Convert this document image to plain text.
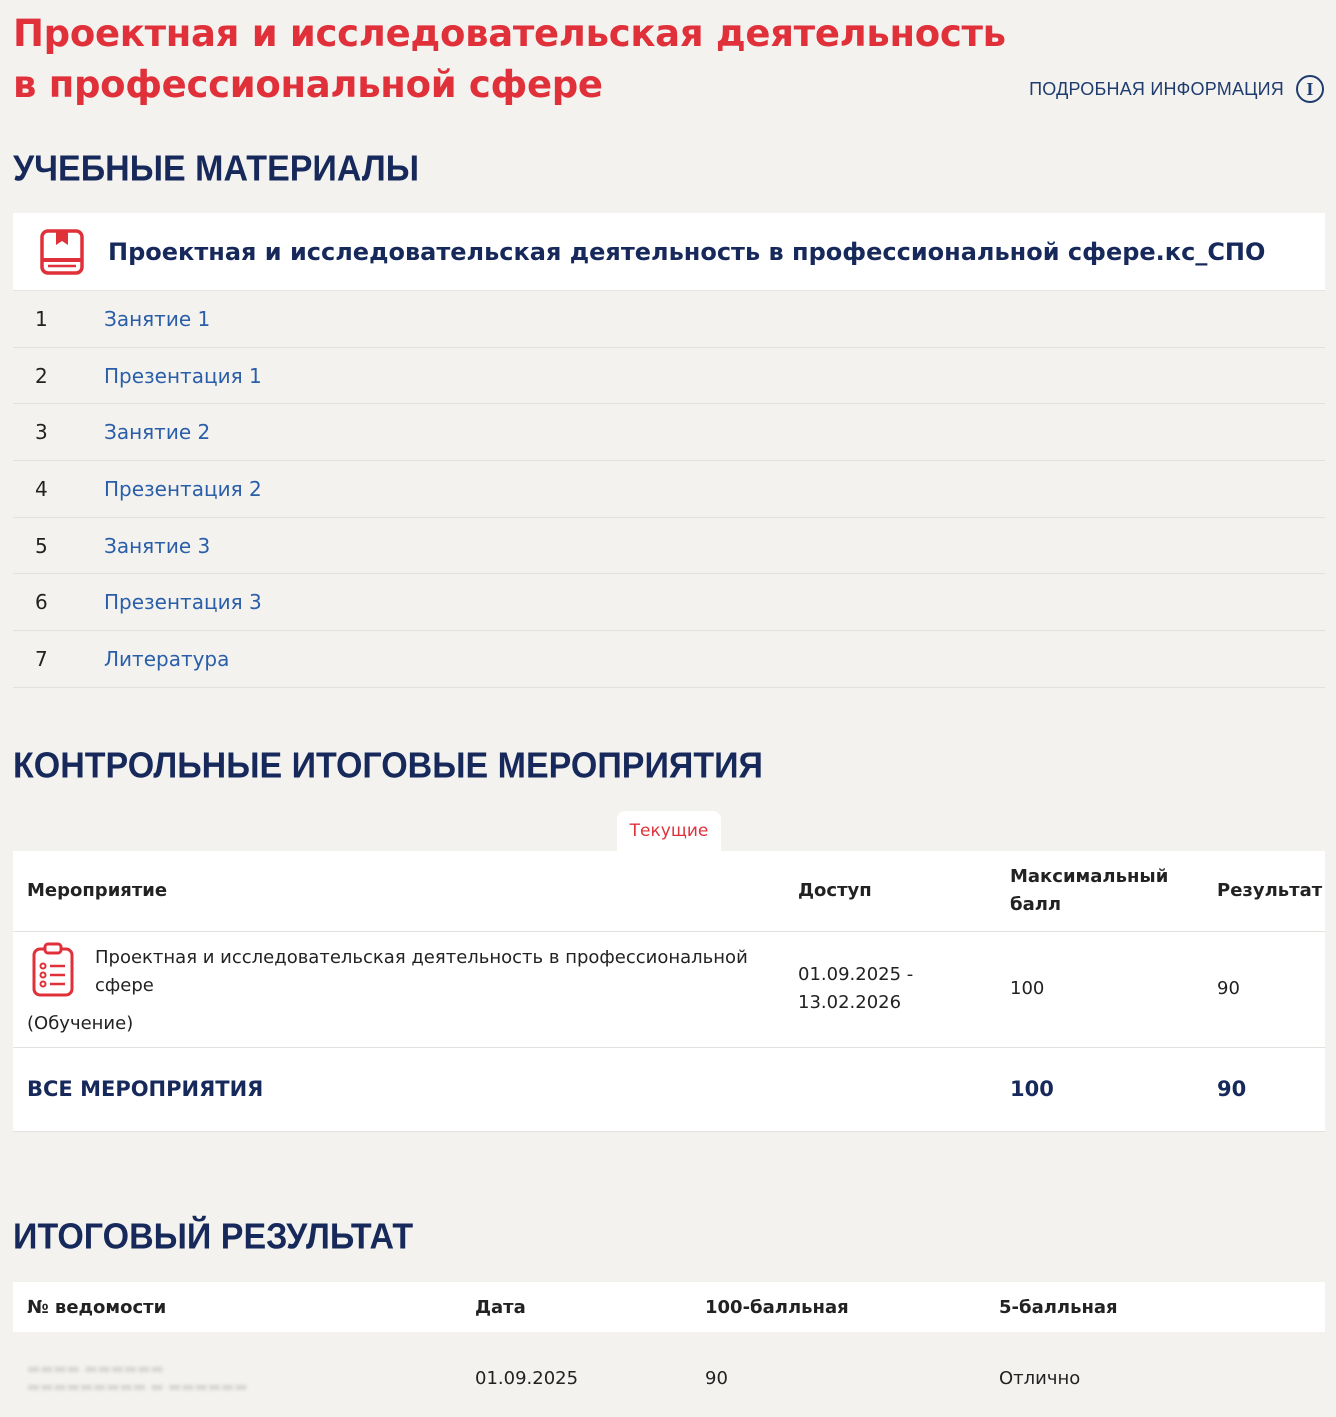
Проектная и исследовательская деятельность в профессиональной сфере	ПОДРОБНАЯ ИНФОРМАЦИЯ	I
УЧЕБНЫЕ МАТЕРИАЛЫ
Проектная и исследовательская деятельность в профессиональной сфере.кс_СПО
1	Занятие 1
2	Презентация 1
3	Занятие 2
4	Презентация 2
5	Занятие 3
6	Презентация 3
7	Литература
КОНТРОЛЬНЫЕ ИТОГОВЫЕ МЕРОПРИЯТИЯ
Текущие
Мероприятие	Доступ	Максимальный балл	Результат

Проектная и исследовательская деятельность в профессиональной сфере
(Обучение)	01.09.2025 - 13.02.2026	100	90
ВСЕ МЕРОПРИЯТИЯ		100	90
ИТОГОВЫЙ РЕЗУЛЬТАТ
№ ведомости	Дата	100-балльная	5-балльная

▬▬▬▬ ▬▬▬▬▬▬
▬▬▬▬▬▬▬▬▬ ▬ ▬▬▬▬▬▬	01.09.2025	90	Отлично
